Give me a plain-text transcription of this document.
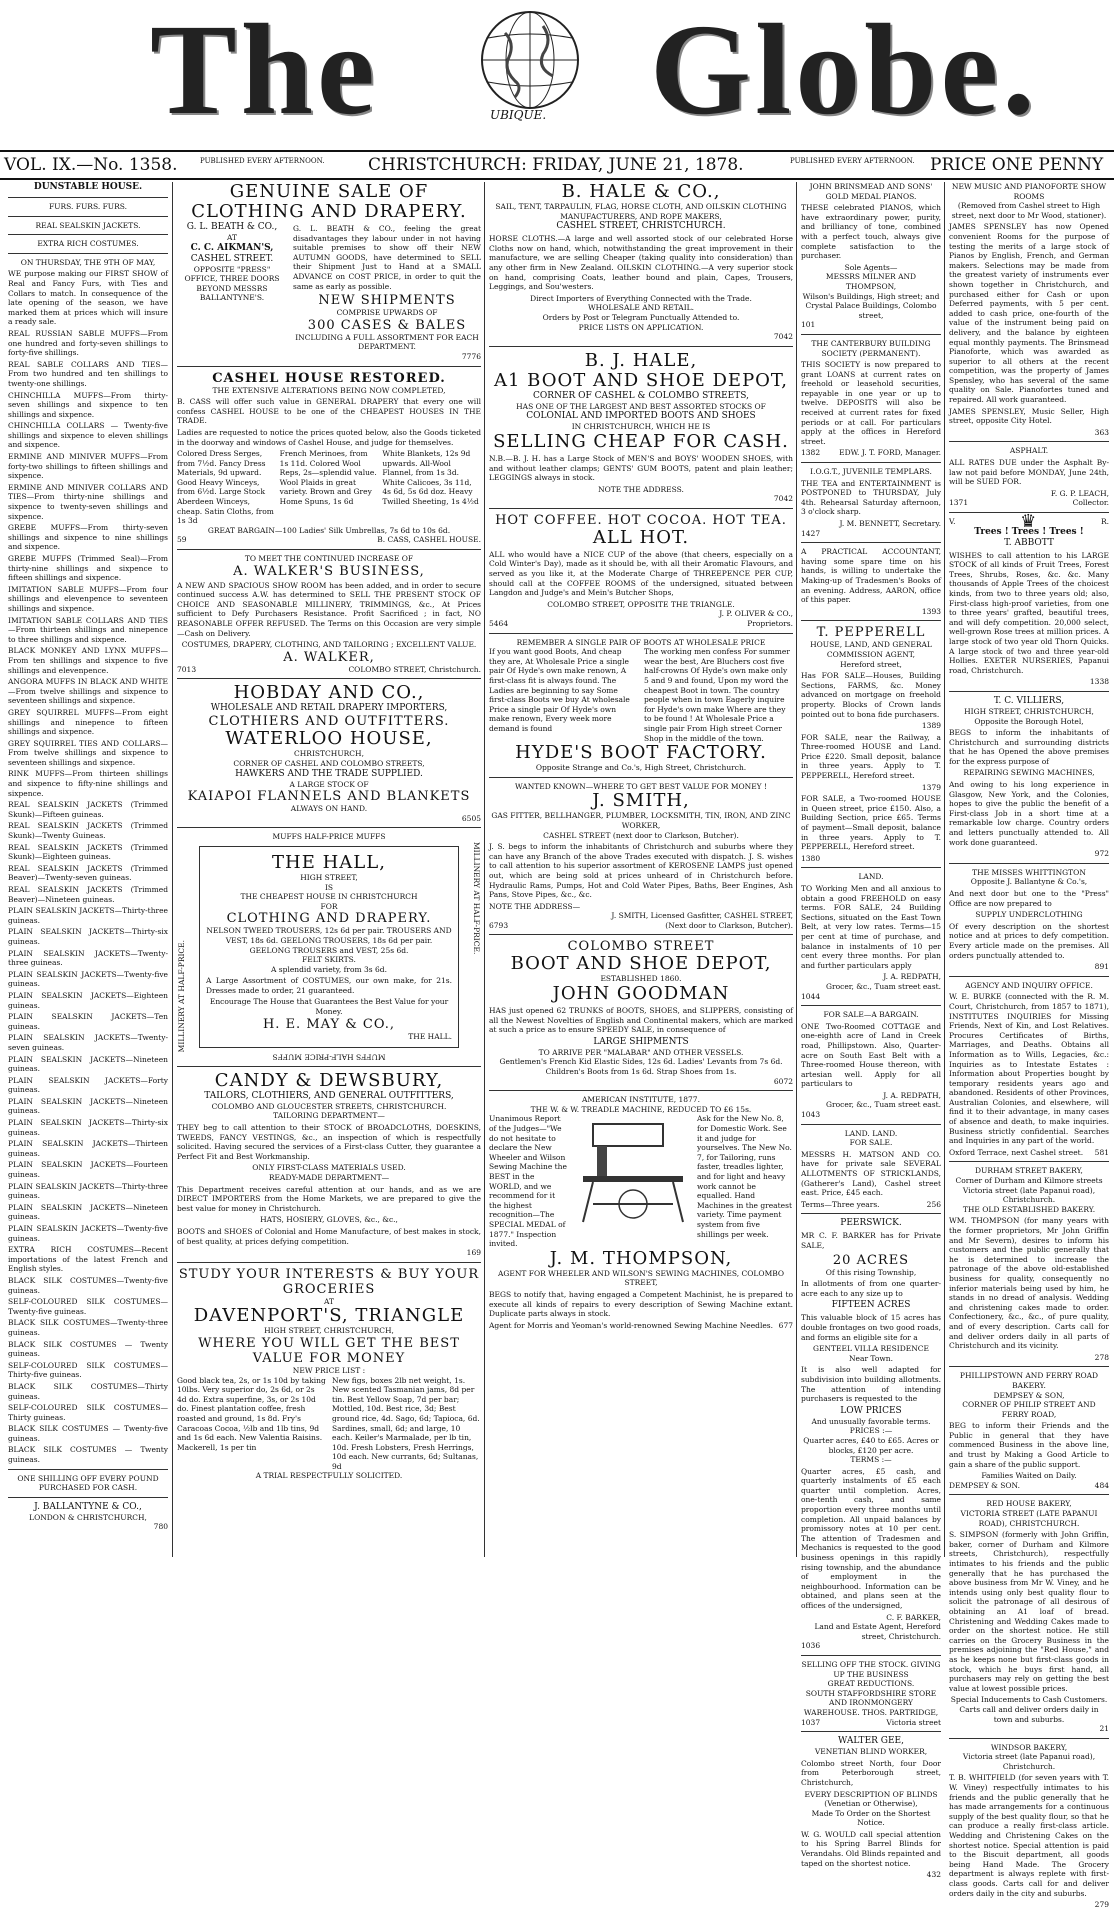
The	UBIQUE. Globe.
VOL. IX.—No. 1358.	PUBLISHED EVERY AFTERNOON.	CHRISTCHURCH: FRIDAY, JUNE 21, 1878.	PUBLISHED EVERY AFTERNOON. PRICE ONE PENNY
DUNSTABLE HOUSE.
FURS. FURS. FURS.
REAL SEALSKIN JACKETS.
EXTRA RICH COSTUMES.
ON THURSDAY, THE 9TH OF MAY,
WE purpose making our FIRST SHOW of Real and Fancy Furs, with Ties and Collars to match. In consequence of the late opening of the season, we have marked them at prices which will insure a ready sale.
REAL RUSSIAN SABLE MUFFS—From one hundred and forty-seven shillings to forty-five shillings.
REAL SABLE COLLARS AND TIES—From two hundred and ten shillings to twenty-one shillings.
CHINCHILLA MUFFS—From thirty-seven shillings and sixpence to ten shillings and sixpence.
CHINCHILLA COLLARS — Twenty-five shillings and sixpence to eleven shillings and sixpence.
ERMINE AND MINIVER MUFFS—From forty-two shillings to fifteen shillings and sixpence.
ERMINE AND MINIVER COLLARS AND TIES—From thirty-nine shillings and sixpence to twenty-seven shillings and sixpence.
GREBE MUFFS—From thirty-seven shillings and sixpence to nine shillings and sixpence.
GREBE MUFFS (Trimmed Seal)—From thirty-nine shillings and sixpence to fifteen shillings and sixpence.
IMITATION SABLE MUFFS—From four shillings and elevenpence to seventeen shillings and sixpence.
IMITATION SABLE COLLARS AND TIES—From thirteen shillings and ninepence to three shillings and sixpence.
BLACK MONKEY AND LYNX MUFFS—From ten shillings and sixpence to five shillings and elevenpence.
ANGORA MUFFS IN BLACK AND WHITE—From twelve shillings and sixpence to seventeen shillings and sixpence.
GREY SQUIRREL MUFFS—From eight shillings and ninepence to fifteen shillings and sixpence.
GREY SQUIRREL TIES AND COLLARS—From twelve shillings and sixpence to seventeen shillings and sixpence.
RINK MUFFS—From thirteen shillings and sixpence to fifty-nine shillings and sixpence.
REAL SEALSKIN JACKETS (Trimmed Skunk)—Fifteen guineas.
REAL SEALSKIN JACKETS (Trimmed Skunk)—Twenty Guineas.
REAL SEALSKIN JACKETS (Trimmed Skunk)—Eighteen guineas.
REAL SEALSKIN JACKETS (Trimmed Beaver)—Twenty-seven guineas.
REAL SEALSKIN JACKETS (Trimmed Beaver)—Nineteen guineas.
PLAIN SEALSKIN JACKETS—Thirty-three guineas.
PLAIN SEALSKIN JACKETS—Thirty-six guineas.
PLAIN SEALSKIN JACKETS—Twenty-three guineas.
PLAIN SEALSKIN JACKETS—Twenty-five guineas.
PLAIN SEALSKIN JACKETS—Eighteen guineas.
PLAIN SEALSKIN JACKETS—Ten guineas.
PLAIN SEALSKIN JACKETS—Twenty-seven guineas.
PLAIN SEALSKIN JACKETS—Nineteen guineas.
PLAIN SEALSKIN JACKETS—Forty guineas.
PLAIN SEALSKIN JACKETS—Nineteen guineas.
PLAIN SEALSKIN JACKETS—Thirty-six guineas.
PLAIN SEALSKIN JACKETS—Thirteen guineas.
PLAIN SEALSKIN JACKETS—Fourteen guineas.
PLAIN SEALSKIN JACKETS—Thirty-three guineas.
PLAIN SEALSKIN JACKETS—Nineteen guineas.
PLAIN SEALSKIN JACKETS—Twenty-five guineas.
EXTRA RICH COSTUMES—Recent importations of the latest French and English styles.
BLACK SILK COSTUMES—Twenty-five guineas.
SELF-COLOURED SILK COSTUMES—Twenty-five guineas.
BLACK SILK COSTUMES—Twenty-three guineas.
BLACK SILK COSTUMES — Twenty guineas.
SELF-COLOURED SILK COSTUMES—Thirty-five guineas.
BLACK SILK COSTUMES—Thirty guineas.
SELF-COLOURED SILK COSTUMES—Thirty guineas.
BLACK SILK COSTUMES — Twenty-five guineas.
BLACK SILK COSTUMES — Twenty guineas.
ONE SHILLING OFF EVERY POUND PURCHASED FOR CASH.
J. BALLANTYNE & CO.,
LONDON & CHRISTCHURCH,
780
GENUINE SALE OF CLOTHING AND DRAPERY.
G. L. BEATH & CO.,
AT
C. C. AIKMAN'S,
CASHEL STREET.
OPPOSITE "PRESS" OFFICE, THREE DOORS BEYOND MESSRS BALLANTYNE'S.
G. L. BEATH & CO., feeling the great disadvantages they labour under in not having suitable premises to show off their NEW AUTUMN GOODS, have determined to SELL their Shipment Just to Hand at a SMALL ADVANCE on COST PRICE, in order to quit the same as early as possible.
NEW SHIPMENTS
COMPRISE UPWARDS OF
300 CASES & BALES
INCLUDING A FULL ASSORTMENT FOR EACH DEPARTMENT.
7776
CASHEL HOUSE RESTORED.
THE EXTENSIVE ALTERATIONS BEING NOW COMPLETED,
B. CASS will offer such value in GENERAL DRAPERY that every one will confess CASHEL HOUSE to be one of the CHEAPEST HOUSES IN THE TRADE.
Ladies are requested to notice the prices quoted below, also the Goods ticketed in the doorway and windows of Cashel House, and judge for themselves.
Colored Dress Serges, from 7½d. Fancy Dress Materials, 9d upward. Good Heavy Winceys, from 6½d. Large Stock Aberdeen Winceys, cheap. Satin Cloths, from 1s 3d
French Merinoes, from 1s 11d. Colored Wool Reps, 2s—splendid value. Wool Plaids in great variety. Brown and Grey Home Spuns, 1s 6d
White Blankets, 12s 9d upwards. All-Wool Flannel, from 1s 3d. White Calicoes, 3s 11d, 4s 6d, 5s 6d doz. Heavy Twilled Sheeting, 1s 4½d
GREAT BARGAIN—100 Ladies' Silk Umbrellas, 7s 6d to 10s 6d.
59	B. CASS, CASHEL HOUSE.
TO MEET THE CONTINUED INCREASE OF
A. WALKER'S BUSINESS,
A NEW AND SPACIOUS SHOW ROOM has been added, and in order to secure continued success A.W. has determined to SELL THE PRESENT STOCK OF CHOICE AND SEASONABLE MILLINERY, TRIMMINGS, &c., At Prices sufficient to Defy Purchasers Resistance. Profit Sacrificed ; in fact, NO REASONABLE OFFER REFUSED. The Terms on this Occasion are very simple—Cash on Delivery.
COSTUMES, DRAPERY, CLOTHING, AND TAILORING ; EXCELLENT VALUE.
A. WALKER,
7013	COLOMBO STREET, Christchurch.
HOBDAY AND CO.,
WHOLESALE AND RETAIL DRAPERY IMPORTERS,
CLOTHIERS AND OUTFITTERS.
WATERLOO HOUSE,
CHRISTCHURCH,
CORNER OF CASHEL AND COLOMBO STREETS,
HAWKERS AND THE TRADE SUPPLIED.
A LARGE STOCK OF
KAIAPOI FLANNELS AND BLANKETS
ALWAYS ON HAND.
6505
MUFFS HALF-PRICE MUFFS
MILLINERY AT HALF-PRICE.
THE HALL,
HIGH STREET,
IS
THE CHEAPEST HOUSE IN CHRISTCHURCH
FOR
CLOTHING AND DRAPERY.
NELSON TWEED TROUSERS, 12s 6d per pair. TROUSERS AND VEST, 18s 6d. GEELONG TROUSERS, 18s 6d per pair. GEELONG TROUSERS and VEST, 25s 6d.
FELT SKIRTS.
A splendid variety, from 3s 6d.
A Large Assortment of COSTUMES, our own make, for 21s. Dresses made to order, 21 guaranteed.
Encourage The House that Guarantees the Best Value for your Money.
H. E. MAY & CO.,
THE HALL.
MILLINERY AT HALF-PRICE.
MUFFS HALF-PRICE MUFFS
CANDY & DEWSBURY,
TAILORS, CLOTHIERS, AND GENERAL OUTFITTERS,
COLOMBO AND GLOUCESTER STREETS, CHRISTCHURCH.
TAILORING DEPARTMENT—
THEY beg to call attention to their STOCK of BROADCLOTHS, DOESKINS, TWEEDS, FANCY VESTINGS, &c., an inspection of which is respectfully solicited. Having secured the services of a First-class Cutter, they guarantee a Perfect Fit and Best Workmanship.
ONLY FIRST-CLASS MATERIALS USED.
READY-MADE DEPARTMENT—
This Department receives careful attention at our hands, and as we are DIRECT IMPORTERS from the Home Markets, we are prepared to give the best value for money in Christchurch.
HATS, HOSIERY, GLOVES, &c., &c.,
BOOTS and SHOES of Colonial and Home Manufacture, of best makes in stock, of best quality, at prices defying competition.
169
STUDY YOUR INTERESTS & BUY YOUR GROCERIES
AT
DAVENPORT'S, TRIANGLE
HIGH STREET, CHRISTCHURCH,
WHERE YOU WILL GET THE BEST VALUE FOR MONEY
NEW PRICE LIST :
Good black tea, 2s, or 1s 10d by taking 10lbs. Very superior do, 2s 6d, or 2s 4d do. Extra superfine, 3s, or 2s 10d do. Finest plantation coffee, fresh roasted and ground, 1s 8d. Fry's Caracoas Cocoa, ½lb and 1lb tins, 9d and 1s 6d each. New Valentia Raisins. Mackerell, 1s per tin
New figs, boxes 2lb net weight, 1s. New scented Tasmanian jams, 8d per tin. Best Yellow Soap, 7d per bar; Mottled, 10d. Best rice, 3d; Best ground rice, 4d. Sago, 6d; Tapioca, 6d. Sardines, small, 6d; and large, 10 each. Keiler's Marmalade, per lb tin, 10d. Fresh Lobsters, Fresh Herrings, 10d each. New currants, 6d; Sultanas, 9d
A TRIAL RESPECTFULLY SOLICITED.
B. HALE & CO.,
SAIL, TENT, TARPAULIN, FLAG, HORSE CLOTH, AND OILSKIN CLOTHING MANUFACTURERS, AND ROPE MAKERS,
CASHEL STREET, CHRISTCHURCH.
HORSE CLOTHS.—A large and well assorted stock of our celebrated Horse Cloths now on hand, which, notwithstanding the great improvement in their manufacture, we are selling Cheaper (taking quality into consideration) than any other firm in New Zealand. OILSKIN CLOTHING.—A very superior stock on hand, comprising Coats, leather bound and plain, Capes, Trousers, Leggings, and Sou'westers.
Direct Importers of Everything Connected with the Trade.
WHOLESALE AND RETAIL.
Orders by Post or Telegram Punctually Attended to.
PRICE LISTS ON APPLICATION.
7042
B. J. HALE,
A1 BOOT AND SHOE DEPOT,
CORNER OF CASHEL & COLOMBO STREETS,
HAS ONE OF THE LARGEST AND BEST ASSORTED STOCKS OF
COLONIAL AND IMPORTED BOOTS AND SHOES
IN CHRISTCHURCH, WHICH HE IS
SELLING CHEAP FOR CASH.
N.B.—B. J. H. has a Large Stock of MEN'S and BOYS' WOODEN SHOES, with and without leather clamps; GENTS' GUM BOOTS, patent and plain leather; LEGGINGS always in stock.
NOTE THE ADDRESS.
7042
HOT COFFEE. HOT COCOA. HOT TEA.
ALL HOT.
ALL who would have a NICE CUP of the above (that cheers, especially on a Cold Winter's Day), made as it should be, with all their Aromatic Flavours, and served as you like it, at the Moderate Charge of THREEPENCE PER CUP, should call at the COFFEE ROOMS of the undersigned, situated between Langdon and Judge's and Mein's Butcher Shops,
COLOMBO STREET, OPPOSITE THE TRIANGLE.
J. P. OLIVER & CO.,
5464	Proprietors.
REMEMBER A SINGLE PAIR OF BOOTS AT WHOLESALE PRICE
If you want good Boots, And cheap they are, At Wholesale Price a single pair Of Hyde's own make renown, A first-class fit is always found. The Ladies are beginning to say Some first-class Boots we buy At wholesale Price a single pair Of Hyde's own make renown, Every week more demand is found
The working men confess For summer wear the best, Are Bluchers cost five half-crowns Of Hyde's own make only 5 and 9 and found, Upon my word the cheapest Boot in town. The country people when in town Eagerly inquire for Hyde's own make Where are they to be found ! At Wholesale Price a single pair From High street Corner Shop in the middle of the town.
HYDE'S BOOT FACTORY.
Opposite Strange and Co.'s, High Street, Christchurch.
WANTED KNOWN—WHERE TO GET BEST VALUE FOR MONEY !
J. SMITH,
GAS FITTER, BELLHANGER, PLUMBER, LOCKSMITH, TIN, IRON, AND ZINC WORKER,
CASHEL STREET (next door to Clarkson, Butcher).
J. S. begs to inform the inhabitants of Christchurch and suburbs where they can have any Branch of the above Trades executed with dispatch. J. S. wishes to call attention to his superior assortment of KEROSENE LAMPS just opened out, which are being sold at prices unheard of in Christchurch before. Hydraulic Rams, Pumps, Hot and Cold Water Pipes, Baths, Beer Engines, Ash Pans, Stove Pipes, &c., &c.
NOTE THE ADDRESS—
J. SMITH, Licensed Gasfitter, CASHEL STREET,
6793	(Next door to Clarkson, Butcher).
COLOMBO STREET
BOOT AND SHOE DEPOT,
ESTABLISHED 1860.
JOHN GOODMAN
HAS just opened 62 TRUNKS of BOOTS, SHOES, and SLIPPERS, consisting of all the Newest Novelties of English and Continental makers, which are marked at such a price as to ensure SPEEDY SALE, in consequence of
LARGE SHIPMENTS
TO ARRIVE PER "MALABAR" AND OTHER VESSELS.
Gentlemen's French Kid Elastic Sides, 12s 6d. Ladies' Levants from 7s 6d. Children's Boots from 1s 6d. Strap Shoes from 1s.
6072
AMERICAN INSTITUTE, 1877.
THE W. & W. TREADLE MACHINE, REDUCED TO £6 15s.
Unanimous Report of the Judges—"We do not hesitate to declare the New Wheeler and Wilson Sewing Machine the BEST in the WORLD, and we recommend for it the highest recognition—The SPECIAL MEDAL of 1877." Inspection invited.
Ask for the New No. 8, for Domestic Work. See it and judge for yourselves. The New No. 7, for Tailoring, runs faster, treadles lighter, and for light and heavy work cannot be equalled. Hand Machines in the greatest variety. Time payment system from five shillings per week.
J. M. THOMPSON,
AGENT FOR WHEELER AND WILSON'S SEWING MACHINES, COLOMBO STREET,
BEGS to notify that, having engaged a Competent Machinist, he is prepared to execute all kinds of repairs to every description of Sewing Machine extant. Duplicate parts always in stock.
Agent for Morris and Yeoman's world-renowned Sewing Machine Needles. 677
JOHN BRINSMEAD AND SONS' GOLD MEDAL PIANOS.
THESE celebrated PIANOS, which have extraordinary power, purity, and brilliancy of tone, combined with a perfect touch, always give complete satisfaction to the purchaser.
Sole Agents—
MESSRS MILNER AND THOMPSON,
Wilson's Buildings, High street; and Crystal Palace Buildings, Colombo street,
101
THE CANTERBURY BUILDING SOCIETY (PERMANENT).
THIS SOCIETY is now prepared to grant LOANS at current rates on freehold or leasehold securities, repayable in one year or up to twelve. DEPOSITS will also be received at current rates for fixed periods or at call. For particulars apply at the offices in Hereford street.
1382	EDW. J. T. FORD, Manager.
I.O.G.T., JUVENILE TEMPLARS.
THE TEA and ENTERTAINMENT is POSTPONED to THURSDAY, July 4th. Rehearsal Saturday afternoon, 3 o'clock sharp.
J. M. BENNETT, Secretary.
1427
A PRACTICAL ACCOUNTANT, having some spare time on his hands, is willing to undertake the Making-up of Tradesmen's Books of an evening. Address, AARON, office of this paper.
1393
T. PEPPERELL
HOUSE, LAND, AND GENERAL COMMISSION AGENT,
Hereford street,
Has FOR SALE—Houses, Building Sections, FARMS, &c. Money advanced on mortgage on freehold property. Blocks of Crown lands pointed out to bona fide purchasers.
1389
FOR SALE, near the Railway, a Three-roomed HOUSE and Land. Price £220. Small deposit, balance in three years. Apply to T. PEPPERELL, Hereford street.
1379
FOR SALE, a Two-roomed HOUSE in Queen street, price £150. Also, a Building Section, price £65. Terms of payment—Small deposit, balance in three years. Apply to T. PEPPERELL, Hereford street.
1380
LAND.
TO Working Men and all anxious to obtain a good FREEHOLD on easy terms. FOR SALE, 24 Building Sections, situated on the East Town Belt, at very low rates. Terms—15 per cent at time of purchase, and balance in instalments of 10 per cent every three months. For plan and further particulars apply
J. A. REDPATH,
Grocer, &c., Tuam street east.
1044
FOR SALE—A BARGAIN.
ONE Two-Roomed COTTAGE and one-eighth acre of Land in Creek road, Phillipstown. Also, Quarter-acre on South East Belt with a Three-roomed House thereon, with artesian well. Apply for all particulars to
J. A. REDPATH,
Grocer, &c., Tuam street east.
1043
LAND. LAND.
FOR SALE.
MESSRS H. MATSON AND CO. have for private sale SEVERAL ALLOTMENTS OF STRICKLANDS, (Gatherer's Land), Cashel street east. Price, £45 each.
Terms—Three years.	256
PEERSWICK.
MR C. F. BARKER has for Private SALE,
20 ACRES
Of this rising Township,
In allotments of from one quarter-acre each to any size up to
FIFTEEN ACRES
This valuable block of 15 acres has double frontages on two good roads, and forms an eligible site for a
GENTEEL VILLA RESIDENCE
Near Town.
It is also well adapted for subdivision into building allotments. The attention of intending purchasers is requested to the
LOW PRICES
And unusually favorable terms.
PRICES :—
Quarter acres, £40 to £65. Acres or blocks, £120 per acre.
TERMS :—
Quarter acres, £5 cash, and quarterly instalments of £5 each quarter until completion. Acres, one-tenth cash, and same proportion every three months until completion. All unpaid balances by promissory notes at 10 per cent. The attention of Tradesmen and Mechanics is requested to the good business openings in this rapidly rising township, and the abundance of employment in the neighbourhood. Information can be obtained, and plans seen at the offices of the undersigned,
C. F. BARKER,
Land and Estate Agent, Hereford street, Christchurch.
1036
SELLING OFF THE STOCK. GIVING UP THE BUSINESS
GREAT REDUCTIONS.
SOUTH STAFFORDSHIRE STORE AND IRONMONGERY WAREHOUSE. THOS. PARTRIDGE,
1037	Victoria street
WALTER GEE,
VENETIAN BLIND WORKER,
Colombo street North, four Door from Peterborough street, Christchurch,
EVERY DESCRIPTION OF BLINDS
(Venetian or Otherwise),
Made To Order on the Shortest Notice.
W. G. WOULD call special attention to his Spring Barrel Blinds for Verandahs. Old Blinds repainted and taped on the shortest notice.
432
NEW MUSIC AND PIANOFORTE SHOW ROOMS
(Removed from Cashel street to High street, next door to Mr Wood, stationer).
JAMES SPENSLEY has now Opened convenient Rooms for the purpose of testing the merits of a large stock of Pianos by English, French, and German makers. Selections may be made from the greatest variety of instruments ever shown together in Christchurch, and purchased either for Cash or upon Deferred payments, with 5 per cent. added to cash price, one-fourth of the value of the instrument being paid on delivery, and the balance by eighteen equal monthly payments. The Brinsmead Pianoforte, which was awarded as superior to all others at the recent competition, was the property of James Spensley, who has several of the same quality on Sale. Pianofortes tuned and repaired. All work guaranteed.
JAMES SPENSLEY, Music Seller, High street, opposite City Hotel.
363
ASPHALT.
ALL RATES DUE under the Asphalt By-law not paid before MONDAY, June 24th, will be SUED FOR.
F. G. P. LEACH,
1371	Collector.
V.	♛	R.
Trees ! Trees ! Trees !
T. ABBOTT
WISHES to call attention to his LARGE STOCK of all kinds of Fruit Trees, Forest Trees, Shrubs, Roses, &c. &c. Many thousands of Apple Trees of the choicest kinds, from two to three years old; also, First-class high-proof varieties, from one to three years' grafted, beautiful trees, and will defy competition. 20,000 select, well-grown Rose trees at million prices. A large stock of two year old Thorn Quicks. A large stock of two and three year-old Hollies. EXETER NURSERIES, Papanui road, Christchurch.
1338
T. C. VILLIERS,
HIGH STREET, CHRISTCHURCH,
Opposite the Borough Hotel,
BEGS to inform the inhabitants of Christchurch and surrounding districts that he has Opened the above premises for the express purpose of
REPAIRING SEWING MACHINES,
And owing to his long experience in Glasgow, New York, and the Colonies, hopes to give the public the benefit of a First-class Job in a short time at a remarkable low charge. Country orders and letters punctually attended to. All work done guaranteed.
972
THE MISSES WHITTINGTON
Opposite J. Ballantyne & Co.'s,
And next door but one to the "Press" Office are now prepared to
SUPPLY UNDERCLOTHING
Of every description on the shortest notice and at prices to defy competition. Every article made on the premises. All orders punctually attended to.
891
AGENCY AND INQUIRY OFFICE.
W. E. BURKE (connected with the R. M. Court, Christchurch, from 1857 to 1871), INSTITUTES INQUIRIES for Missing Friends, Next of Kin, and Lost Relatives. Procures Certificates of Births, Marriages, and Deaths. Obtains all Information as to Wills, Legacies, &c.: Inquiries as to Intestate Estates : Information about Properties bought by temporary residents years ago and abandoned. Residents of other Provinces, Australian Colonies, and elsewhere, will find it to their advantage, in many cases of absence and death, to make inquiries. Business strictly confidential. Searches and Inquiries in any part of the world.
Oxford Terrace, next Cashel street. 581
DURHAM STREET BAKERY,
Corner of Durham and Kilmore streets Victoria street (late Papanui road), Christchurch.
THE OLD ESTABLISHED BAKERY.
WM. THOMPSON (for many years with the former proprietors, Mr John Griffin and Mr Severn), desires to inform his customers and the public generally that he is determined to increase the patronage of the above old-established business for quality, consequently no inferior materials being used by him, he stands in no dread of analysis. Wedding and christening cakes made to order. Confectionery, &c., &c., of pure quality, and of every description. Carts call for and deliver orders daily in all parts of Christchurch and its vicinity.
278
PHILLIPSTOWN AND FERRY ROAD BAKERY.
DEMPSEY & SON,
CORNER OF PHILIP STREET AND FERRY ROAD,
BEG to inform their Friends and the Public in general that they have commenced Business in the above line, and trust by Making a Good Article to gain a share of the public support.
Families Waited on Daily.
DEMPSEY & SON.	484
RED HOUSE BAKERY,
VICTORIA STREET (LATE PAPANUI ROAD), CHRISTCHURCH.
S. SIMPSON (formerly with John Griffin, baker, corner of Durham and Kilmore streets, Christchurch), respectfully intimates to his friends and the public generally that he has purchased the above business from Mr W. Viney, and he intends using only best quality flour to solicit the patronage of all desirous of obtaining an A1 loaf of bread. Christening and Wedding Cakes made to order on the shortest notice. He still carries on the Grocery Business in the premises adjoining the "Red House," and as he keeps none but first-class goods in stock, which he buys first hand, all purchasers may rely on getting the best value at lowest possible prices.
Special Inducements to Cash Customers.
Carts call and deliver orders daily in town and suburbs.
21
WINDSOR BAKERY,
Victoria street (late Papanui road), Christchurch.
T. B. WHITFIELD (for seven years with T. W. Viney) respectfully intimates to his friends and the public generally that he has made arrangements for a continuous supply of the best quality flour, so that he can produce a really first-class article. Wedding and Christening Cakes on the shortest notice. Special attention is paid to the Biscuit department, all goods being Hand Made. The Grocery department is always replete with first-class goods. Carts call for and deliver orders daily in the city and suburbs.
279
